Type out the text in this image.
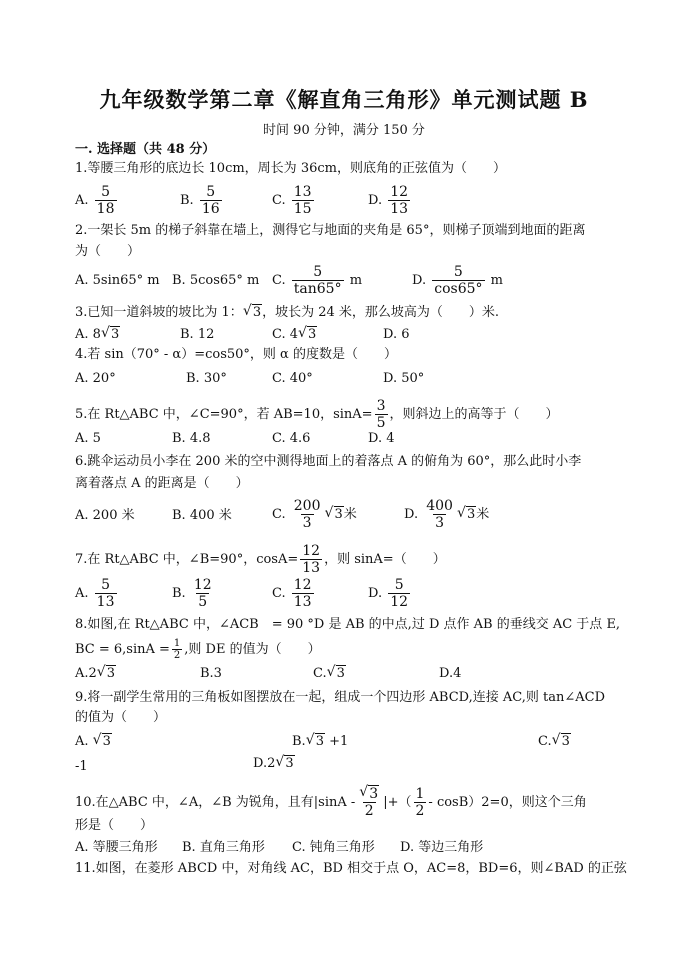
九年级数学第二章《解直角三角形》单元测试题 B
时间 90 分钟，满分 150 分
一. 选择题（共 48 分）
1.等腰三角形的底边长 10cm，周长为 36cm，则底角的正弦值为（　　）
A. $\frac{5}{18}$	B. $\frac{5}{16}$	C. $\frac{13}{15}$	D. $\frac{12}{13}$
2.一架长 5m 的梯子斜靠在墙上，测得它与地面的夹角是 65°，则梯子顶端到地面的距离
为（　　）
A. 5sin65° m B. 5cos65° m C. $\frac{5}{\tan 65^\circ}$ m	D. $\frac{5}{\cos 65^\circ}$ m
3.已知一道斜坡的坡比为 1： √ 3，坡长为 24 米，那么坡高为（　　）米.
A. 8 √ 3	B. 12	C. 4 √ 3	D. 6
4.若 sin（70° - α）=cos50°，则 α 的度数是（　　）
A. 20°	B. 30°	C. 40°	D. 50°
5.在 Rt△ABC 中，∠C=90°，若 AB=10，$\sin A= \frac{3}{5}$ ，则斜边上的高等于（　　）
A. 5	B. 4.8	C. 4.6	D. 4
6.跳伞运动员小李在 200 米的空中测得地面上的着落点 A 的俯角为 60°，那么此时小李
离着落点 A 的距离是（　　）
A. 200 米	B. 400 米	C. $\frac{200}{3}$ √ 3米	D. $\frac{400}{3}$ √ 3米
7.在 Rt△ABC 中，∠B=90°，$\cos A= \frac{12}{13}$ ，则 sinA=（　　）
A. $\frac{5}{13}$	B. $\frac{12}{5}$	C. $\frac{12}{13}$	D. $\frac{5}{12}$
8.如图,在 Rt△ABC 中，∠ACB　= 90 °D 是 AB 的中点,过 D 点作 AB 的垂线交 AC 于点 E,
BC = $6,\sin A = \frac{1}{2}$ ,则 DE 的值为（　　）
A.2 √ 3	B.3	C. √ 3	D.4
9.将一副学生常用的三角板如图摆放在一起，组成一个四边形 ABCD,连接 AC,则 tan∠ACD
的值为（　　）
A. √ 3	B. √ 3 +1	C. √ 3
-1	D.2 √ 3
10.在△ABC 中，∠A，∠B 为锐角，且有|sinA - √ $\frac{3}{2}$ |+（ $\frac{1}{2} - \cos B)2=0$，则这个三角
形是（　　）
A. 等腰三角形 B. 直角三角形 C. 钝角三角形 D. 等边三角形
11.如图，在菱形 ABCD 中，对角线 AC，BD 相交于点 O，AC=8，BD=6，则∠BAD 的正弦
